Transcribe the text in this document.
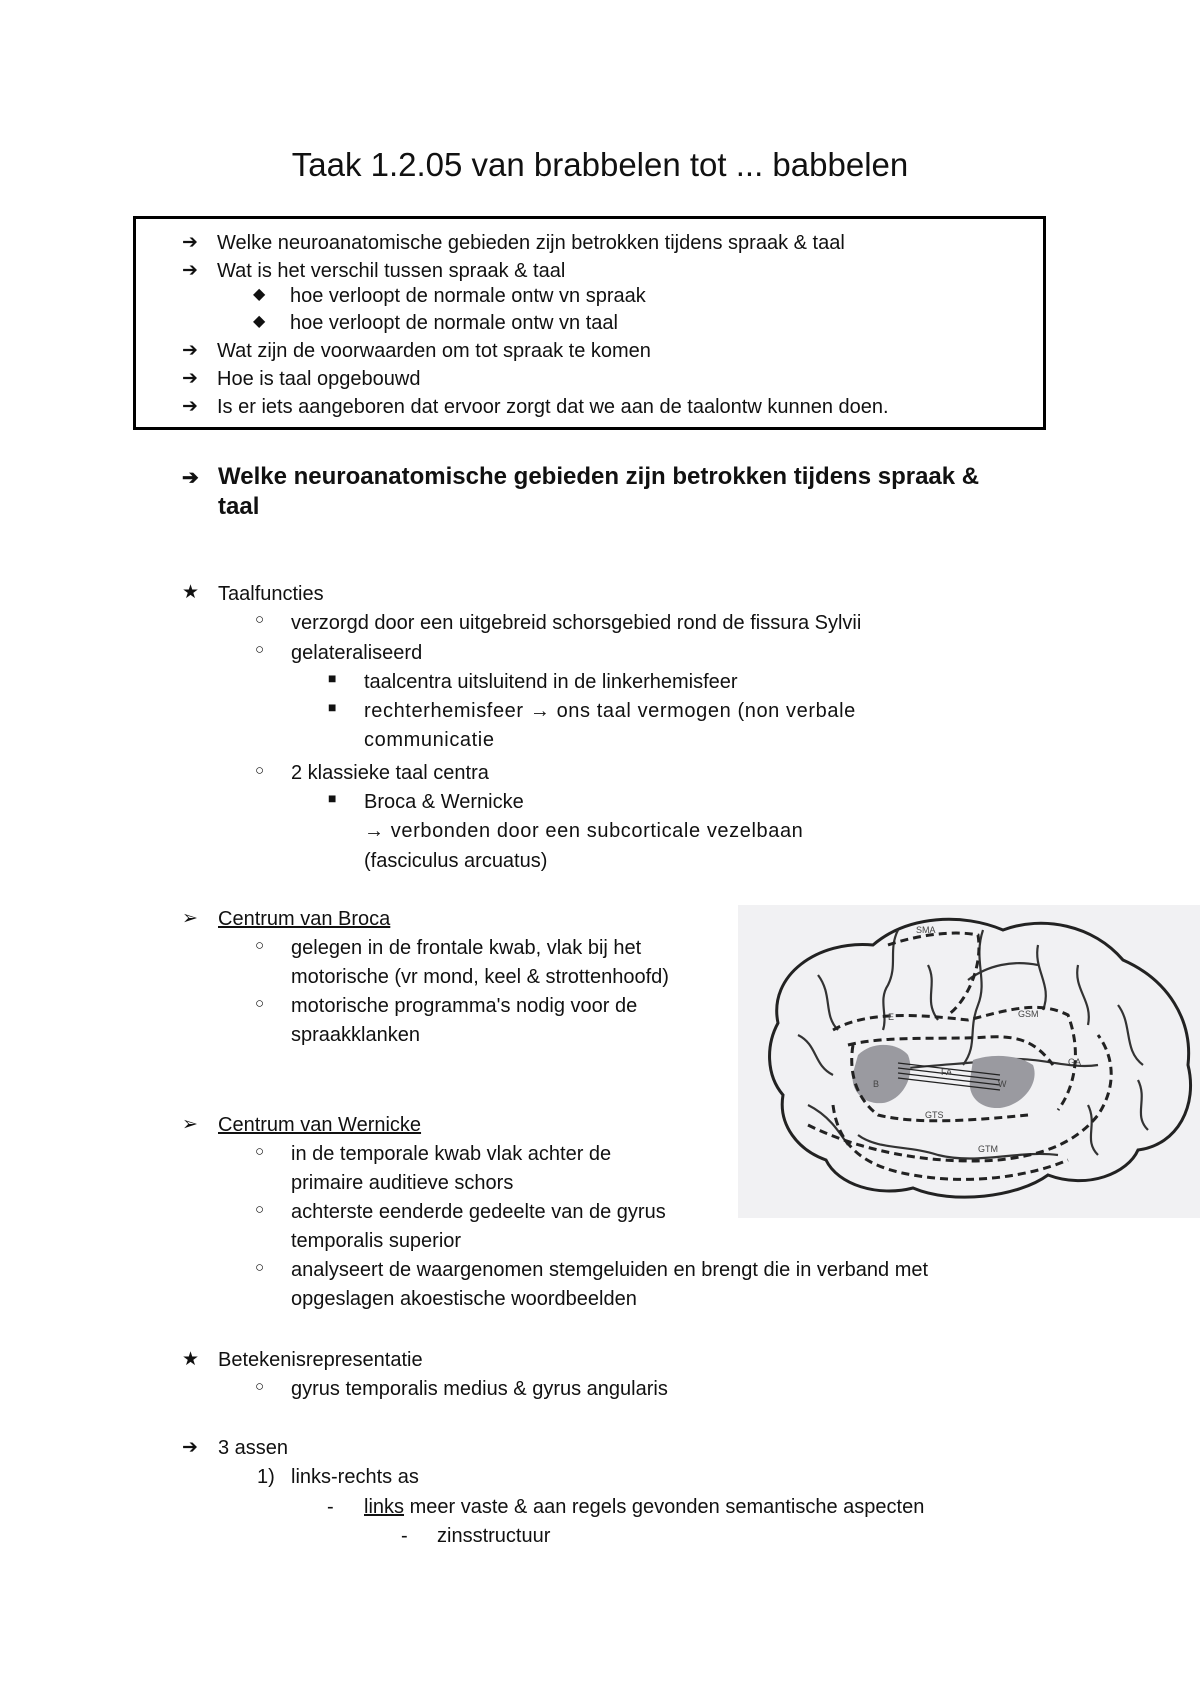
Taak 1.2.05 van brabbelen tot ... babbelen
➔ Welke neuroanatomische gebieden zijn betrokken tijdens spraak & taal
➔ Wat is het verschil tussen spraak & taal
◆ hoe verloopt de normale ontw vn spraak
◆ hoe verloopt de normale ontw vn taal
➔ Wat zijn de voorwaarden om tot spraak te komen
➔ Hoe is taal opgebouwd
➔ Is er iets aangeboren dat ervoor zorgt dat we aan de taalontw kunnen doen.
➔ Welke neuroanatomische gebieden zijn betrokken tijdens spraak &
taal
★ Taalfuncties
○ verzorgd door een uitgebreid schorsgebied rond de fissura Sylvii
○ gelateraliseerd
■ taalcentra uitsluitend in de linkerhemisfeer
■ rechterhemisfeer → ons taal vermogen (non verbale
communicatie
○ 2 klassieke taal centra
■ Broca & Wernicke
→ verbonden door een subcorticale vezelbaan
(fasciculus arcuatus)
➢ Centrum van Broca
○ gelegen in de frontale kwab, vlak bij het
motorische (vr mond, keel & strottenhoofd)
○ motorische programma's nodig voor de
spraakklanken
➢ Centrum van Wernicke
○ in de temporale kwab vlak achter de
primaire auditieve schors
○ achterste eenderde gedeelte van de gyrus
temporalis superior
○ analyseert de waargenomen stemgeluiden en brengt die in verband met
opgeslagen akoestische woordbeelden
★ Betekenisrepresentatie
○ gyrus temporalis medius & gyrus angularis
➔ 3 assen
1) links-rechts as
- links meer vaste & aan regels gevonden semantische aspecten
- zinsstructuur
SMA
E	GSM
GA
B
FA
W
GTS
GTM
